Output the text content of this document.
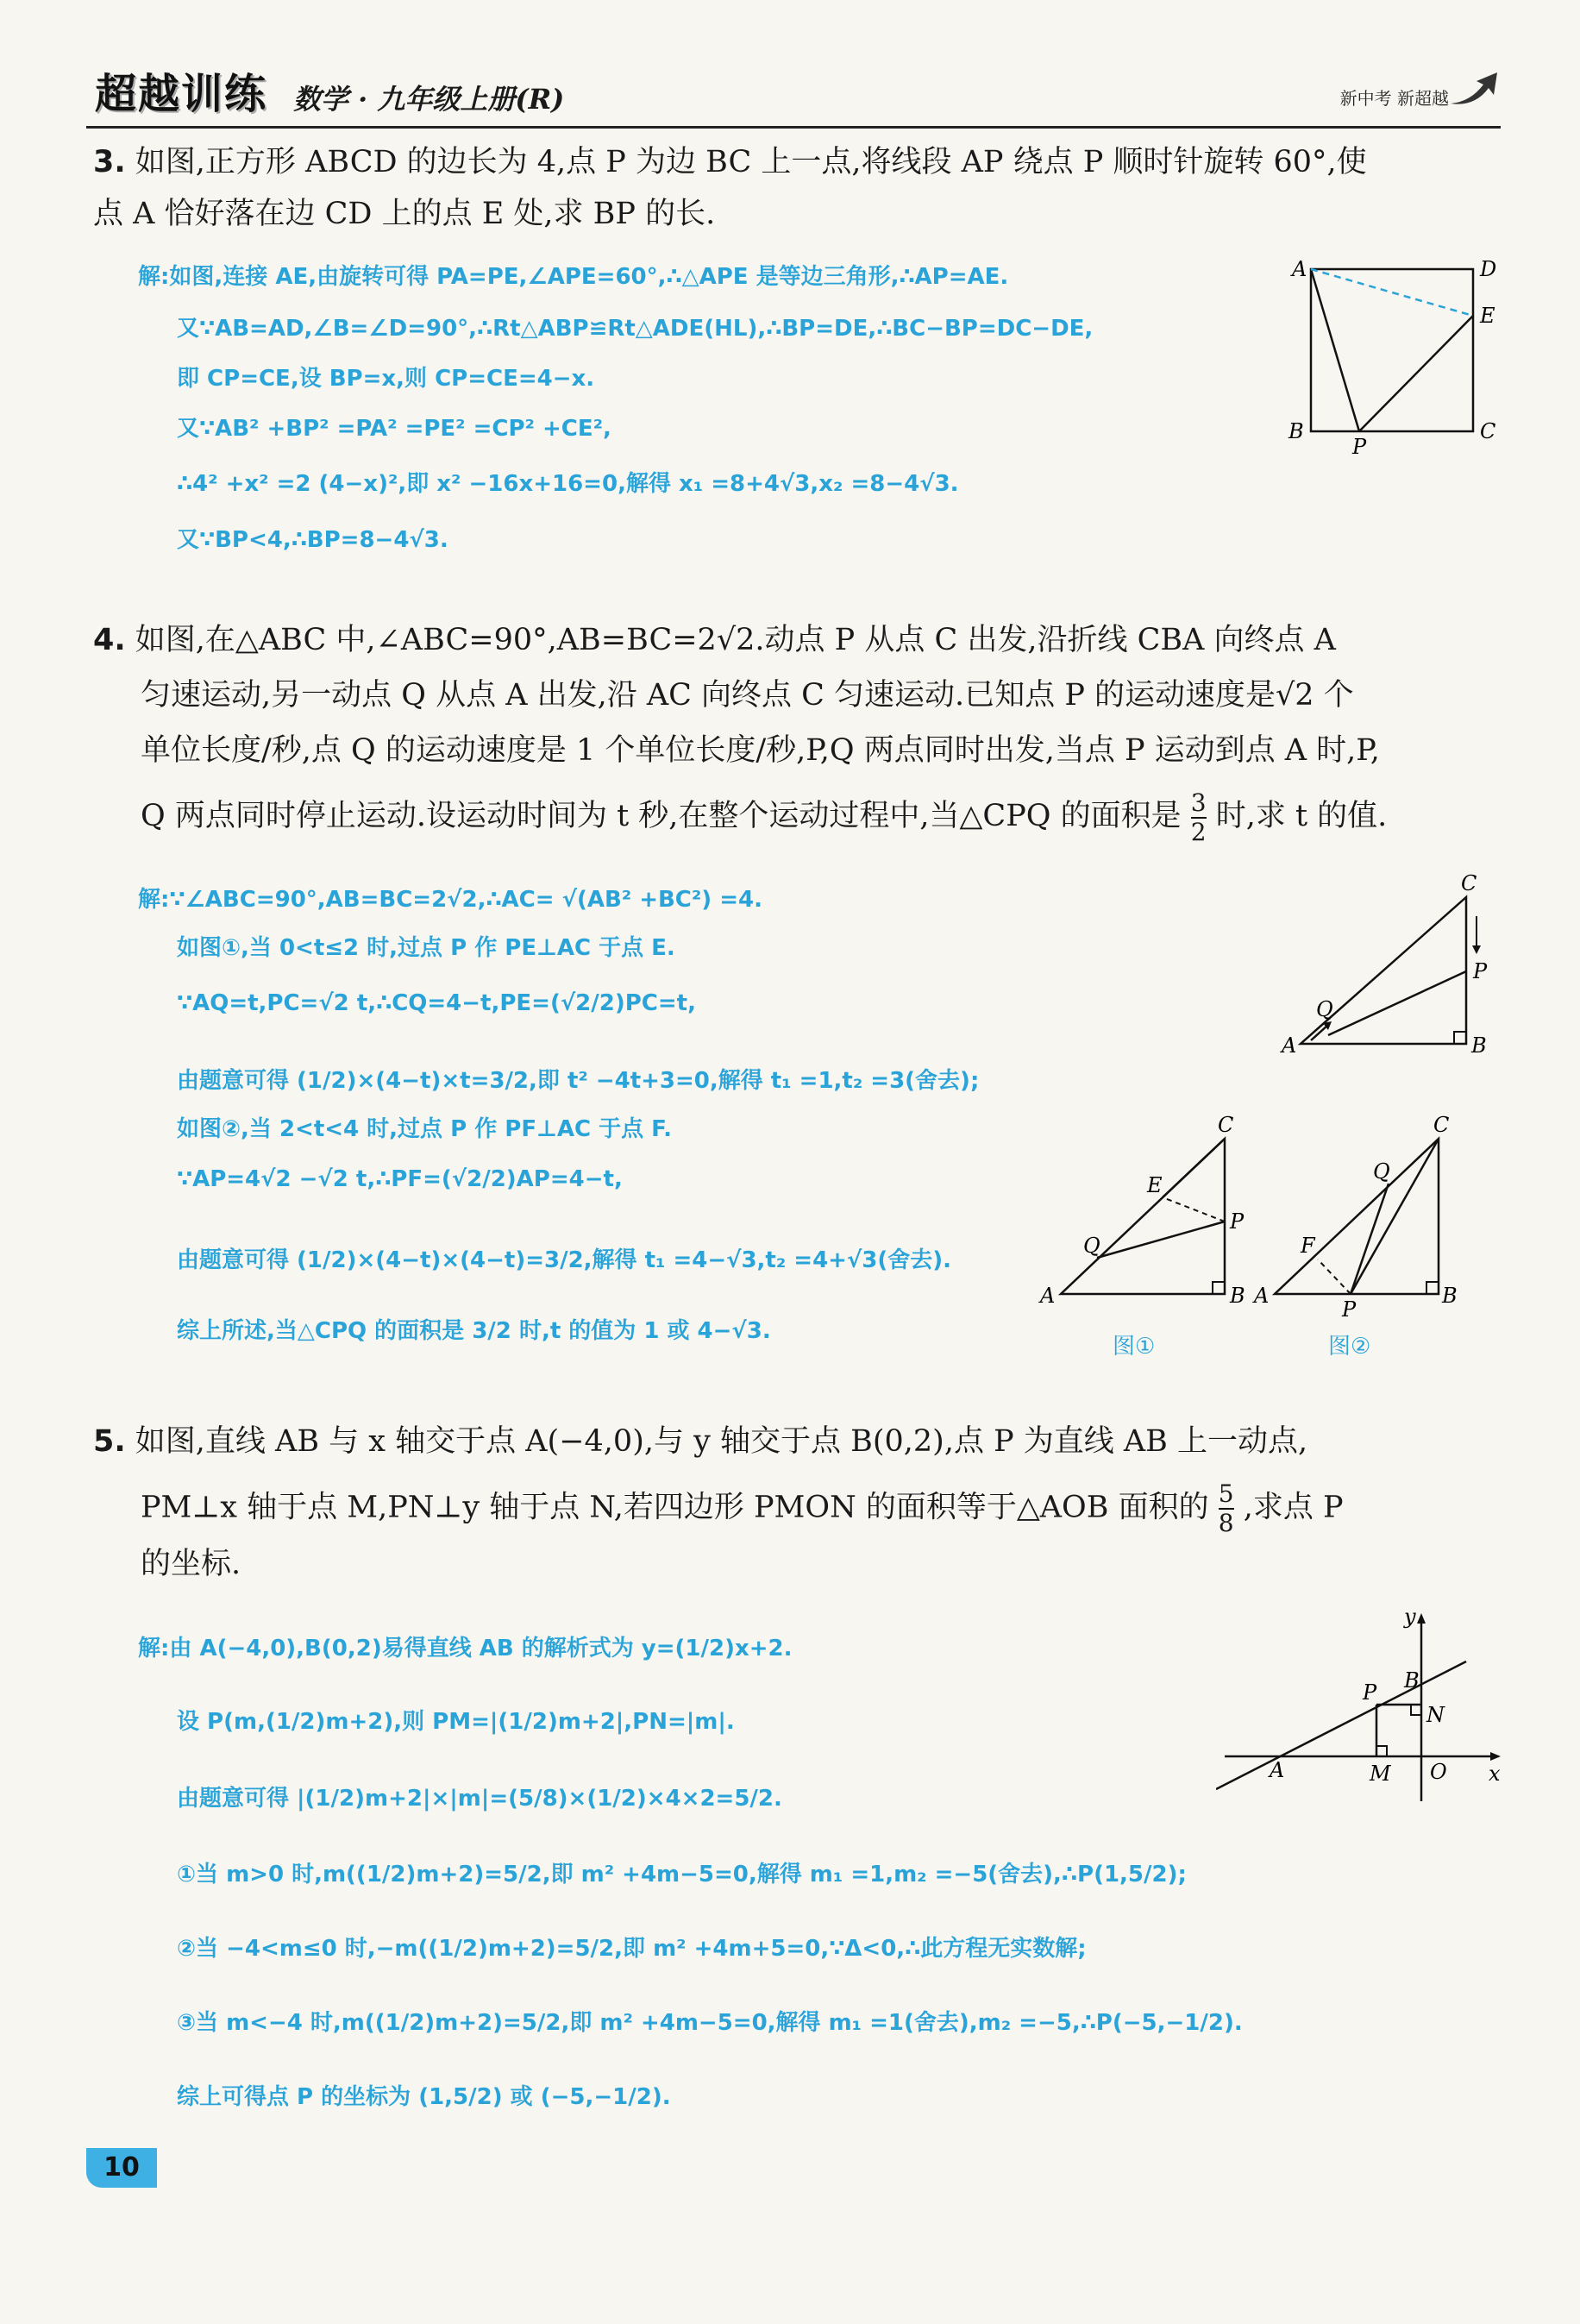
超越训练 数学 · 九年级上册(R)	新中考 新超越
3. 如图,正方形 ABCD 的边长为 4,点 P 为边 BC 上一点,将线段 AP 绕点 P 顺时针旋转 60°,使
点 A 恰好落在边 CD 上的点 E 处,求 BP 的长.
解:如图,连接 AE,由旋转可得 PA=PE,∠APE=60°,∴△APE 是等边三角形,∴AP=AE.
又∵AB=AD,∠B=∠D=90°,∴Rt△ABP≌Rt△ADE(HL),∴BP=DE,∴BC−BP=DC−DE,
即 CP=CE,设 BP=x,则 CP=CE=4−x.
又∵AB² +BP² =PA² =PE² =CP² +CE²,
∴4² +x² =2 (4−x)²,即 x² −16x+16=0,解得 x₁ =8+4√3,x₂ =8−4√3.
又∵BP<4,∴BP=8−4√3.
A	D
E
B	C
P
4. 如图,在△ABC 中,∠ABC=90°,AB=BC=2√2.动点 P 从点 C 出发,沿折线 CBA 向终点 A
匀速运动,另一动点 Q 从点 A 出发,沿 AC 向终点 C 匀速运动.已知点 P 的运动速度是√2 个
单位长度/秒,点 Q 的运动速度是 1 个单位长度/秒,P,Q 两点同时出发,当点 P 运动到点 A 时,P,
Q 两点同时停止运动.设运动时间为 t 秒,在整个运动过程中,当△CPQ 的面积是 $\frac{3}{2}$ 时,求 t 的值.
解:∵∠ABC=90°,AB=BC=2√2,∴AC= √(AB² +BC²) =4.
如图①,当 0<t≤2 时,过点 P 作 PE⊥AC 于点 E.
∵AQ=t,PC=√2 t,∴CQ=4−t,PE=(√2/2)PC=t,
由题意可得 (1/2)×(4−t)×t=3/2,即 t² −4t+3=0,解得 t₁ =1,t₂ =3(舍去);
如图②,当 2<t<4 时,过点 P 作 PF⊥AC 于点 F.
∵AP=4√2 −√2 t,∴PF=(√2/2)AP=4−t,
由题意可得 (1/2)×(4−t)×(4−t)=3/2,解得 t₁ =4−√3,t₂ =4+√3(舍去).
综上所述,当△CPQ 的面积是 3/2 时,t 的值为 1 或 4−√3.
C
P
Q
A	B
C
E
P
Q
A	B
图①
C
Q
F
A	B
P
图②
5. 如图,直线 AB 与 x 轴交于点 A(−4,0),与 y 轴交于点 B(0,2),点 P 为直线 AB 上一动点,
PM⊥x 轴于点 M,PN⊥y 轴于点 N,若四边形 PMON 的面积等于△AOB 面积的 $\frac{5}{8}$ ,求点 P
的坐标.
解:由 A(−4,0),B(0,2)易得直线 AB 的解析式为 y=(1/2)x+2.
设 P(m,(1/2)m+2),则 PM=|(1/2)m+2|,PN=|m|.
由题意可得 |(1/2)m+2|×|m|=(5/8)×(1/2)×4×2=5/2.
①当 m>0 时,m((1/2)m+2)=5/2,即 m² +4m−5=0,解得 m₁ =1,m₂ =−5(舍去),∴P(1,5/2);
②当 −4<m≤0 时,−m((1/2)m+2)=5/2,即 m² +4m+5=0,∵Δ<0,∴此方程无实数解;
③当 m<−4 时,m((1/2)m+2)=5/2,即 m² +4m−5=0,解得 m₁ =1(舍去),m₂ =−5,∴P(−5,−1/2).
综上可得点 P 的坐标为 (1,5/2) 或 (−5,−1/2).
y
B
P
N
A	M O x
10
